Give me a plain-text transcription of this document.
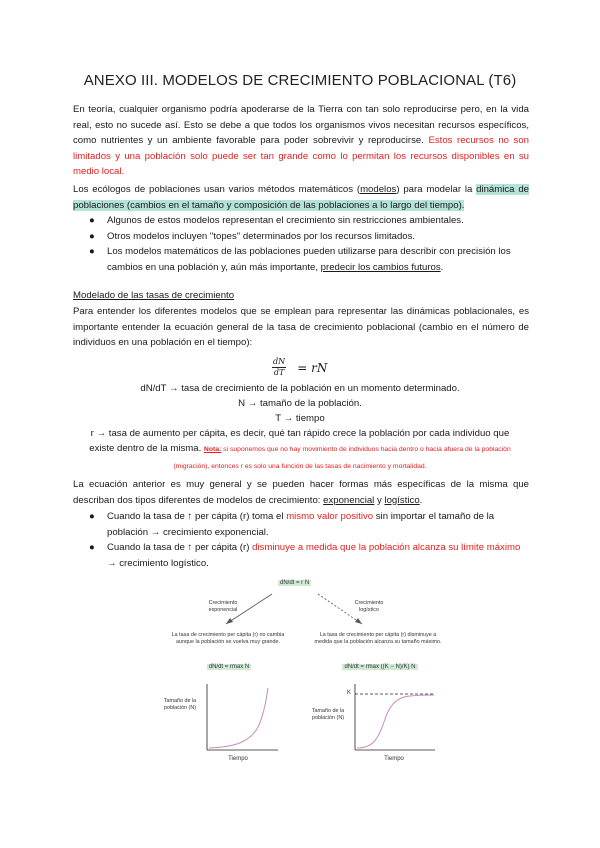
ANEXO III. MODELOS DE CRECIMIENTO POBLACIONAL (T6)
En teoría, cualquier organismo podría apoderarse de la Tierra con tan solo reproducirse pero, en la vida real, esto no sucede así. Esto se debe a que todos los organismos vivos necesitan recursos específicos, como nutrientes y un ambiente favorable para poder sobrevivir y reproducirse. Estos recursos no son limitados y una población solo puede ser tan grande como lo permitan los recursos disponibles en su medio local.
Los ecólogos de poblaciones usan varios métodos matemáticos (modelos) para modelar la dinámica de poblaciones (cambios en el tamaño y composición de las poblaciones a lo largo del tiempo).
● Algunos de estos modelos representan el crecimiento sin restricciones ambientales.
● Otros modelos incluyen "topes" determinados por los recursos limitados.
● Los modelos matemáticos de las poblaciones pueden utilizarse para describir con precisión los cambios en una población y, aún más importante, predecir los cambios futuros.
Modelado de las tasas de crecimiento
Para entender los diferentes modelos que se emplean para representar las dinámicas poblacionales, es importante entender la ecuación general de la tasa de crecimiento poblacional (cambio en el número de individuos en una población en el tiempo):
$\frac{dN}{dT}$ = rN
dN/dT → tasa de crecimiento de la población en un momento determinado.
N → tamaño de la población.
T → tiempo
r → tasa de aumento per cápita, es decir, qué tan rápido crece la población por cada individuo que existe dentro de la misma. Nota: si suponemos que no hay movimiento de individuos hacia dentro o hacia afuera de la población (migración), entonces r es solo una función de las tasas de nacimiento y mortalidad.
La ecuación anterior es muy general y se pueden hacer formas más específicas de la misma que describan dos tipos diferentes de modelos de crecimiento: exponencial y logístico.
● Cuando la tasa de ↑ per cápita (r) toma el mismo valor positivo sin importar el tamaño de la población → crecimiento exponencial.
● Cuando la tasa de ↑ per cápita (r) disminuye a medida que la población alcanza su límite máximo → crecimiento logístico.
dN/dt = r N
Crecimiento exponencial
Crecimiento logístico
La tasa de crecimiento per cápita (r) no cambia aunque la población se vuelva muy grande.
La tasa de crecimiento per cápita (r) disminuye a medida que la población alcanza su tamaño máximo.
dN/dt = rmax N	dN/dt = rmax ((K − N)/K) N
Tamaño de la población (N)
Tamaño de la población (N)
Tiempo	Tiempo
K
